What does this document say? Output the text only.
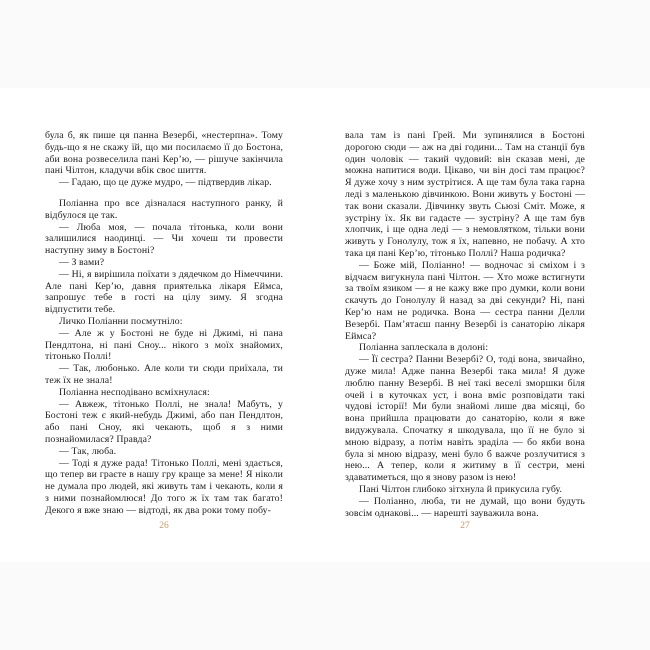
була б, як пише ця панна Везербі, «нестерпна». Тому будь-що я не скажу їй, що ми посилаємо її до Бостона, аби вона розвеселила пані Кер’ю, — рішуче закінчила пані Чілтон, кладучи вбік своє шиття.

— Гадаю, що це дуже мудро, — підтвердив лікар.

Поліанна про все дізналася наступного ранку, й відбулося це так.

— Люба моя, — почала тітонька, коли вони залишилися наодинці. — Чи хочеш ти провести наступну зиму в Бостоні?

— З вами?

— Ні, я вирішила поїхати з дядечком до Німеччини. Але пані Кер’ю, давня приятелька лікаря Еймса, запрошує тебе в гості на цілу зиму. Я згодна відпустити тебе.

Личко Поліанни посмутніло:

— Але ж у Бостоні не буде ні Джимі, ні пана Пендлтона, ні пані Сноу... нікого з моїх знайомих, тітонько Поллі!

— Так, любонько. Але коли ти сюди приїхала, ти теж їх не знала!

Поліанна несподівано всміхнулася:

— Авжеж, тітонько Поллі, не знала! Мабуть, у Бостоні теж є який-небудь Джимі, або пан Пендлтон, або пані Сноу, які чекають, щоб я з ними познайомилася? Правда?

— Так, люба.

— Тоді я дуже рада! Тітонько Поллі, мені здається, що тепер ви граєте в нашу гру краще за мене! Я ніколи не думала про людей, які живуть там і чекають, коли я з ними познайомлюся! До того ж їх там так багато! Декого я вже знаю — відтоді, як два роки тому побу-

26

вала там із пані Грей. Ми зупинялися в Бостоні дорогою сюди — аж на дві години... Там на станції був один чоловік — такий чудовий: він сказав мені, де можна напитися води. Цікаво, чи він досі там працює? Я дуже хочу з ним зустрітися. А ще там була така гарна леді з маленькою дівчинкою. Вони живуть у Бостоні — так вони сказали. Дівчинку звуть Сьюзі Сміт. Може, я зустріну їх. Як ви гадаєте — зустріну? А ще там був хлопчик, і ще одна леді — з немовлятком, тільки вони живуть у Гонолулу, тож я їх, напевно, не побачу. А хто така ця пані Кер’ю, тітонько Поллі? Наша родичка?

— Боже мій, Поліанно! — водночас зі сміхом і з відчаєм вигукнула пані Чілтон. — Хто може встигнути за твоїм язиком — я не кажу вже про думки, коли вони скачуть до Гонолулу й назад за дві секунди? Ні, пані Кер’ю нам не родичка. Вона — сестра панни Делли Везербі. Пам’ятаєш панну Везербі із санаторію лікаря Еймса?

Поліанна заплескала в долоні:

— Її сестра? Панни Везербі? О, тоді вона, звичайно, дуже мила! Адже панна Везербі така мила! Я дуже люблю панну Везербі. В неї такі веселі зморшки біля очей і в куточках уст, і вона вміє розповідати такі чудові історії! Ми були знайомі лише два місяці, бо вона прийшла працювати до санаторію, коли я вже видужувала. Спочатку я шкодувала, що її не було зі мною відразу, а потім навіть зраділа — бо якби вона була зі мною відразу, мені було б важче розлучитися з нею... А тепер, коли я житиму в її сестри, мені здаватиметься, що я знову разом із нею!

Пані Чілтон глибоко зітхнула й прикусила губу.

— Поліанно, люба, ти не думай, що вони будуть зовсім однакові... — нарешті зауважила вона.

27
